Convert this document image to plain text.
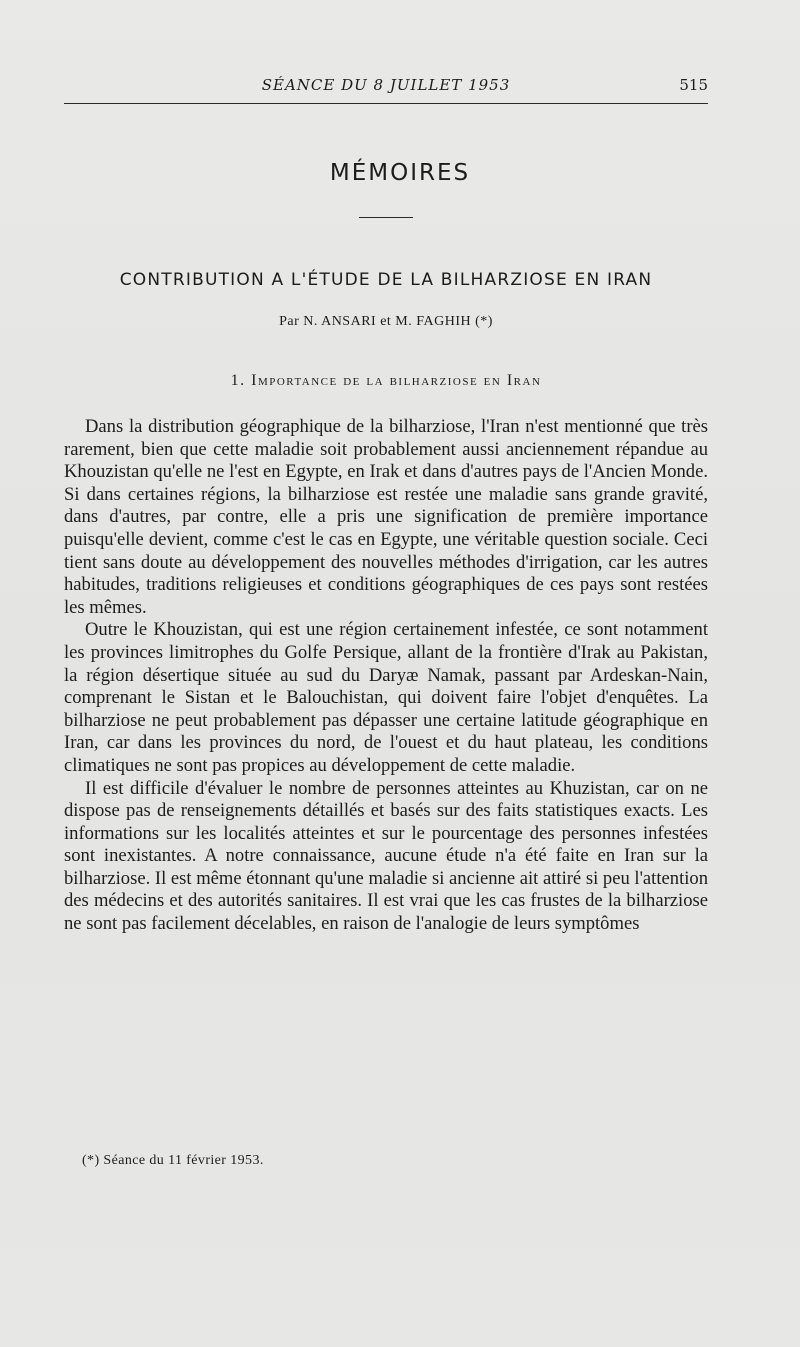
SÉANCE DU 8 JUILLET 1953	515
MÉMOIRES
CONTRIBUTION A L'ÉTUDE DE LA BILHARZIOSE EN IRAN
Par N. ANSARI et M. FAGHIH (*)
1. Importance de la bilharziose en Iran

Dans la distribution géographique de la bilharziose, l'Iran n'est mentionné que très rarement, bien que cette maladie soit probablement aussi anciennement répandue au Khouzistan qu'elle ne l'est en Egypte, en Irak et dans d'autres pays de l'Ancien Monde. Si dans certaines régions, la bilharziose est restée une maladie sans grande gravité, dans d'autres, par contre, elle a pris une signification de première importance puisqu'elle devient, comme c'est le cas en Egypte, une véritable question sociale. Ceci tient sans doute au développement des nouvelles méthodes d'irrigation, car les autres habitudes, traditions religieuses et conditions géographiques de ces pays sont restées les mêmes.

Outre le Khouzistan, qui est une région certainement infestée, ce sont notamment les provinces limitrophes du Golfe Persique, allant de la frontière d'Irak au Pakistan, la région désertique située au sud du Daryæ Namak, passant par Ardeskan-Nain, comprenant le Sistan et le Balouchistan, qui doivent faire l'objet d'enquêtes. La bilharziose ne peut probablement pas dépasser une certaine latitude géographique en Iran, car dans les provinces du nord, de l'ouest et du haut plateau, les conditions climatiques ne sont pas propices au développement de cette maladie.

Il est difficile d'évaluer le nombre de personnes atteintes au Khuzistan, car on ne dispose pas de renseignements détaillés et basés sur des faits statistiques exacts. Les informations sur les localités atteintes et sur le pourcentage des personnes infestées sont inexistantes. A notre connaissance, aucune étude n'a été faite en Iran sur la bilharziose. Il est même étonnant qu'une maladie si ancienne ait attiré si peu l'attention des médecins et des autorités sanitaires. Il est vrai que les cas frustes de la bilharziose ne sont pas facilement décelables, en raison de l'analogie de leurs symptômes

(*) Séance du 11 février 1953.
